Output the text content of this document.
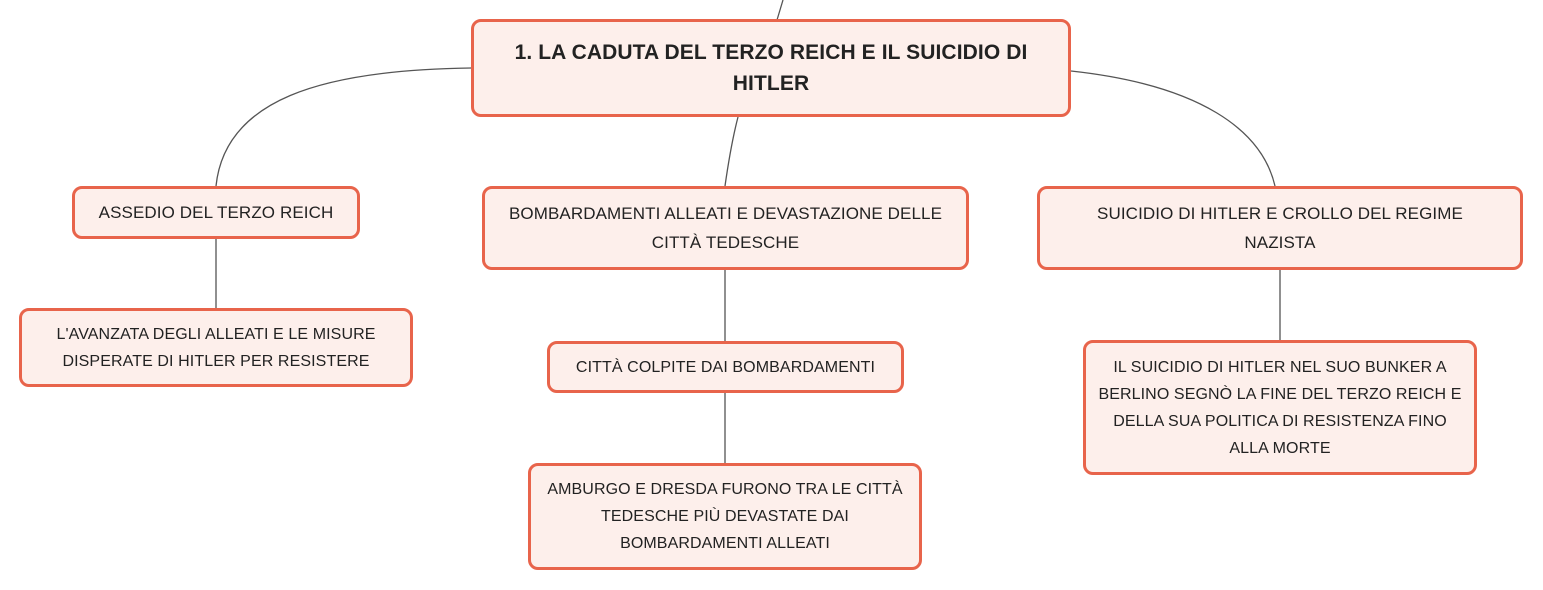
1. LA CADUTA DEL TERZO REICH E IL SUICIDIO DI HITLER
ASSEDIO DEL TERZO REICH	BOMBARDAMENTI ALLEATI E DEVASTAZIONE DELLE CITTÀ TEDESCHE
SUICIDIO DI HITLER E CROLLO DEL REGIME NAZISTA
L'AVANZATA DEGLI ALLEATI E LE MISURE DISPERATE DI HITLER PER RESISTERE	CITTÀ COLPITE DAI BOMBARDAMENTI
AMBURGO E DRESDA FURONO TRA LE CITTÀ TEDESCHE PIÙ DEVASTATE DAI BOMBARDAMENTI ALLEATI
IL SUICIDIO DI HITLER NEL SUO BUNKER A BERLINO SEGNÒ LA FINE DEL TERZO REICH E DELLA SUA POLITICA DI RESISTENZA FINO ALLA MORTE
